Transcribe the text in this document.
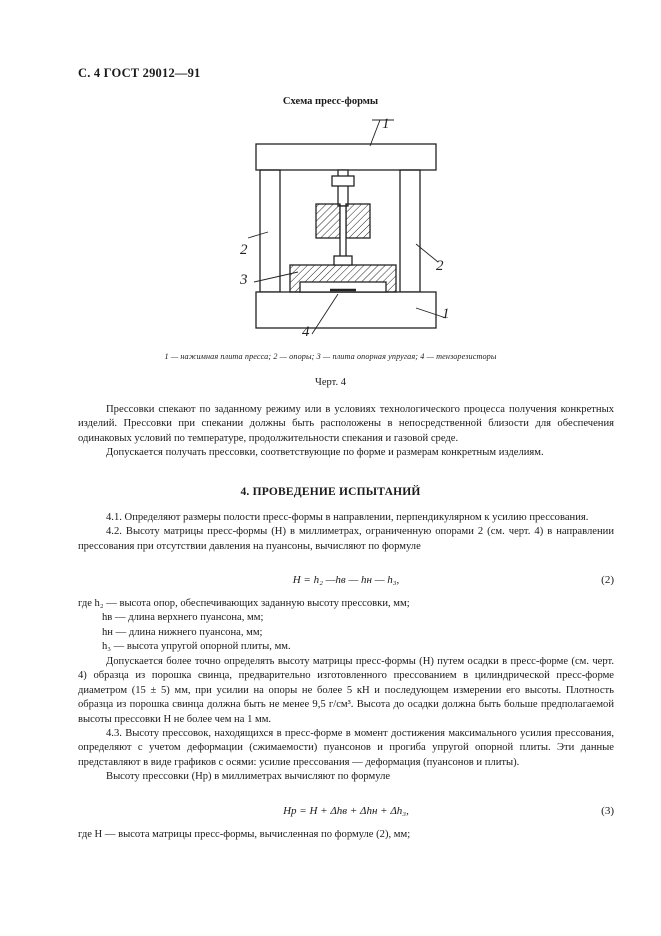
С. 4 ГОСТ 29012—91
Схема пресс-формы
1
2
2
3
1
4
1 — нажимная плита пресса; 2 — опоры; 3 — плита опорная упругая; 4 — тензорезисторы
Черт. 4

Прессовки спекают по заданному режиму или в условиях технологического процесса получения конкретных изделий. Прессовки при спекании должны быть расположены в непосредственной близости для обеспечения одинаковых условий по температуре, продолжительности спекания и газовой среде.

Допускается получать прессовки, соответствующие по форме и размерам конкретным изделиям.

4. ПРОВЕДЕНИЕ ИСПЫТАНИЙ

4.1. Определяют размеры полости пресс-формы в направлении, перпендикулярном к усилию прессования.

4.2. Высоту матрицы пресс-формы (H) в миллиметрах, ограниченную опорами 2 (см. черт. 4) в направлении прессования при отсутствии давления на пуансоны, вычисляют по формуле

H = h₂ —hв — hн — h₃,	(2)
где h₂ — высота опор, обеспечивающих заданную высоту прессовки, мм;
hв — длина верхнего пуансона, мм;
hн — длина нижнего пуансона, мм;
h₃ — высота упругой опорной плиты, мм.

Допускается более точно определять высоту матрицы пресс-формы (H) путем осадки в пресс-форме (см. черт. 4) образца из порошка свинца, предварительно изготовленного прессованием в цилиндрической пресс-форме диаметром (15 ± 5) мм, при усилии на опоры не более 5 кН и последующем измерении его высоты. Плотность образца из порошка свинца должна быть не менее 9,5 г/см³. Высота до осадки должна быть больше предполагаемой высоты прессовки H не более чем на 1 мм.

4.3. Высоту прессовок, находящихся в пресс-форме в момент достижения максимального усилия прессования, определяют с учетом деформации (сжимаемости) пуансонов и прогиба упругой опорной плиты. Эти данные представляют в виде графиков с осями: усилие прессования — деформация (пуансонов и плиты).

Высоту прессовки (Hр) в миллиметрах вычисляют по формуле

Hр = H + Δhв + Δhн + Δh₃,	(3)

где H — высота матрицы пресс-формы, вычисленная по формуле (2), мм;
